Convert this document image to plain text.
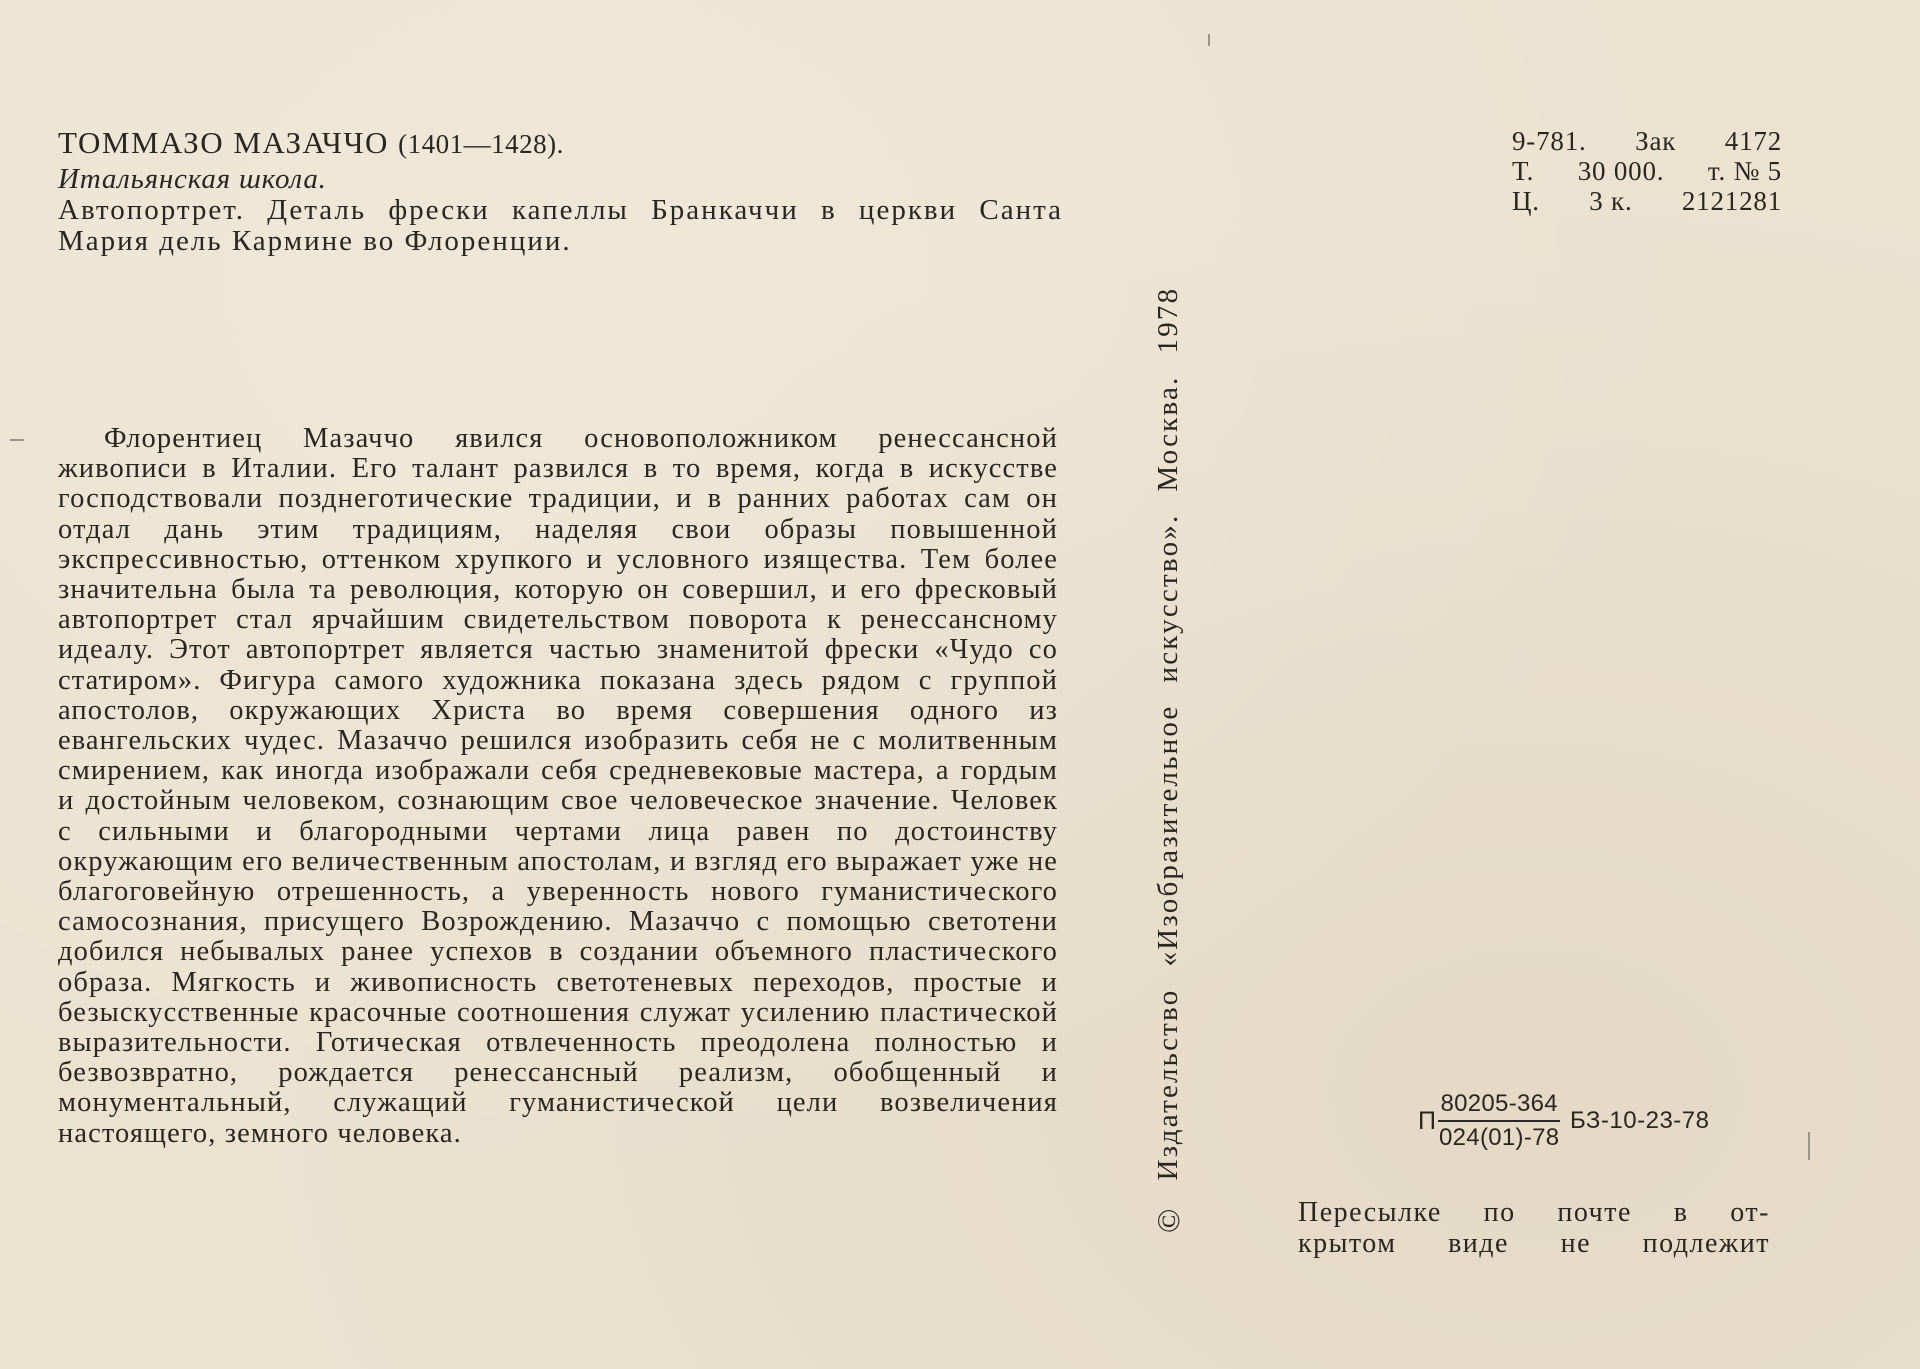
ТОММАЗО МАЗАЧЧО (1401—1428).
Итальянская школа.
Автопортрет. Деталь фрески капеллы Бранкаччи в церкви Санта Мария дель Кармине во Флоренции.

Флорентиец Мазаччо явился основоположником ренессансной живописи в Италии. Его талант развился в то время, когда в искусстве господствовали позднеготические традиции, и в ранних работах сам он отдал дань этим традициям, наделяя свои образы повышенной экспрессивностью, оттенком хрупкого и условного изящества. Тем более значительна была та революция, которую он совершил, и его фресковый автопортрет стал ярчайшим свидетельством поворота к ренессансному идеалу. Этот автопортрет является частью знаменитой фрески «Чудо со статиром». Фигура самого художника показана здесь рядом с группой апостолов, окружающих Христа во время совершения одного из евангельских чудес. Мазаччо решился изобразить себя не с молитвенным смирением, как иногда изображали себя средневековые мастера, а гордым и достойным человеком, сознающим свое человеческое значение. Человек с сильными и благородными чертами лица равен по достоинству окружающим его величественным апостолам, и взгляд его выражает уже не благоговейную отрешенность, а уверенность нового гуманистического самосознания, присущего Возрождению. Мазаччо с помощью светотени добился небывалых ранее успехов в создании объемного пластического образа. Мягкость и живописность светотеневых переходов, простые и безыскусственные красочные соотношения служат усилению пластической выразительности. Готическая отвлеченность преодолена полностью и безвозвратно, рождается ренессансный реализм, обобщенный и монументальный, служащий гуманистической цели возвеличения настоящего, земного человека.

©
Издательство
«Изобразительное
искусство».
Москва.
1978
9-781. Зак 4172
Т. 30 000. т. № 5
Ц. 3 к. 2121281
П $\frac{80205-364}{024(01)-78} БЗ-10-23-78$
Пересылке по почте в от-
крытом виде не подлежит
